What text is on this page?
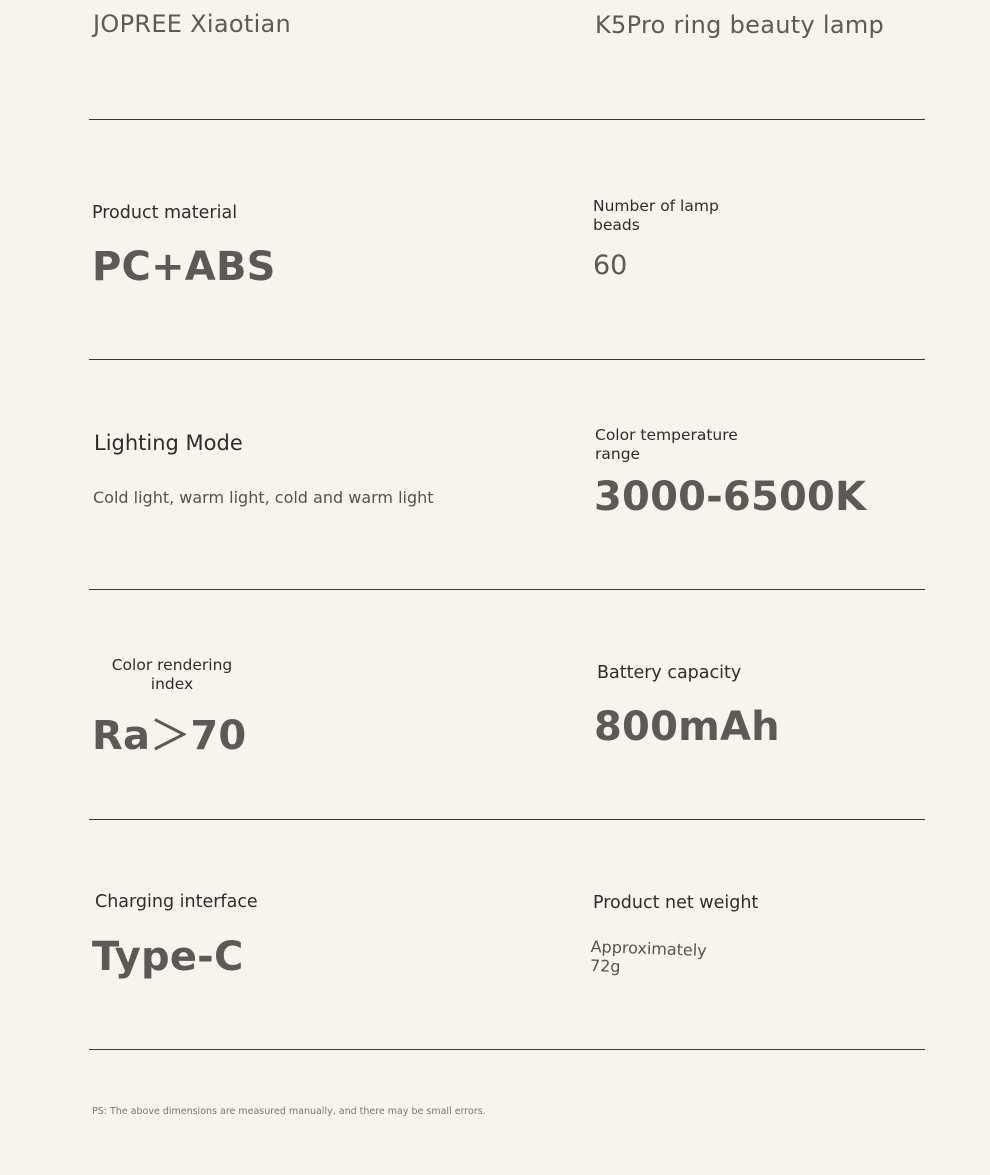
JOPREE Xiaotian	K5Pro ring beauty lamp
Product material
PC+ABS
Number of lamp beads
60
Lighting Mode
Cold light, warm light, cold and warm light
Color temperature range
3000-6500K
Color rendering index
Ra＞70
Battery capacity
800mAh
Charging interface
Type-C
Product net weight
Approximately 72g
PS: The above dimensions are measured manually, and there may be small errors.
